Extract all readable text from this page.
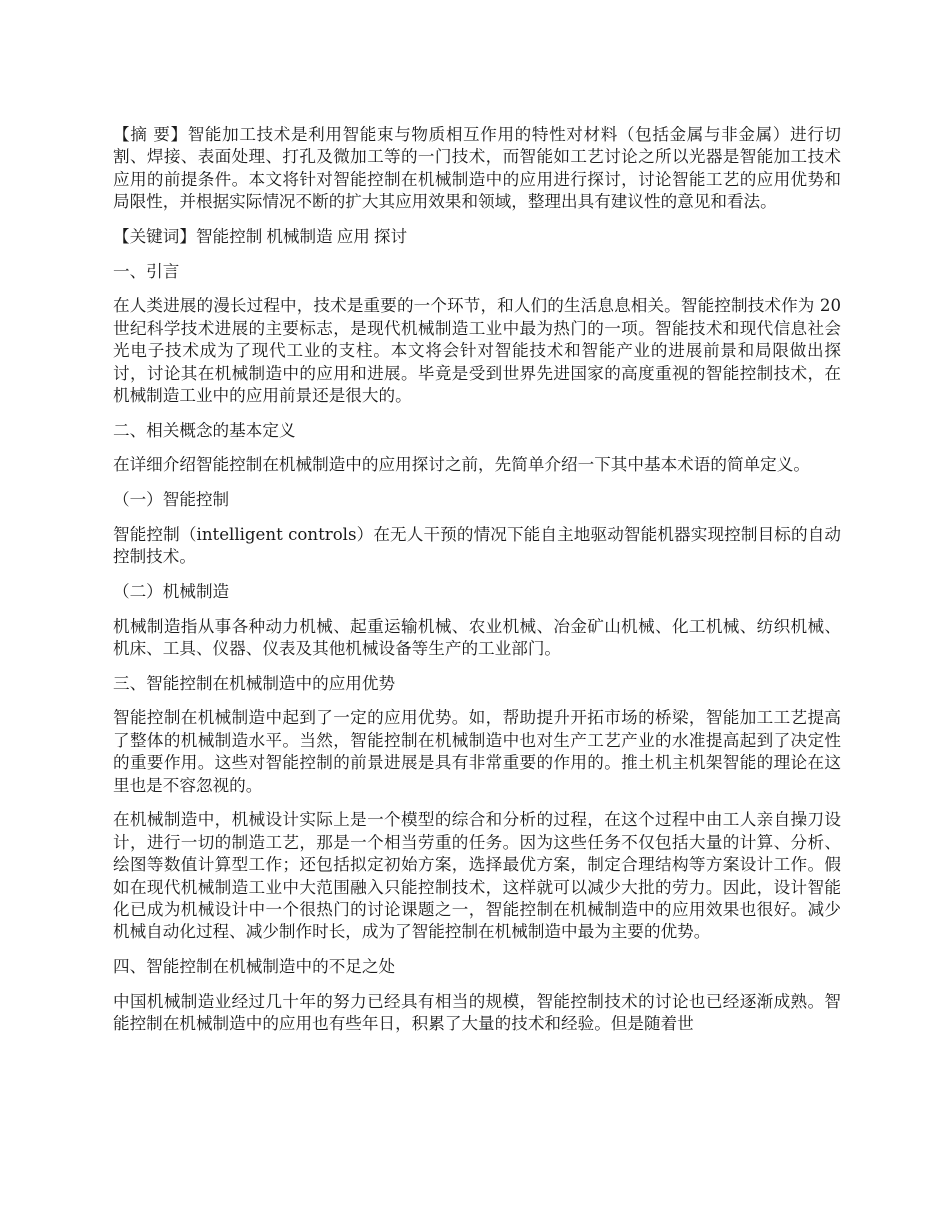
【摘 要】智能加工技术是利用智能束与物质相互作用的特性对材料（包括金属与非金属）进行切割、焊接、表面处理、打孔及微加工等的一门技术，而智能如工艺讨论之所以光器是智能加工技术应用的前提条件。本文将针对智能控制在机械制造中的应用进行探讨，讨论智能工艺的应用优势和局限性，并根据实际情况不断的扩大其应用效果和领域，整理出具有建议性的意见和看法。

【关键词】智能控制 机械制造 应用 探讨

一、引言

在人类进展的漫长过程中，技术是重要的一个环节，和人们的生活息息相关。智能控制技术作为 20 世纪科学技术进展的主要标志，是现代机械制造工业中最为热门的一项。智能技术和现代信息社会光电子技术成为了现代工业的支柱。本文将会针对智能技术和智能产业的进展前景和局限做出探讨，讨论其在机械制造中的应用和进展。毕竟是受到世界先进国家的高度重视的智能控制技术，在机械制造工业中的应用前景还是很大的。

二、相关概念的基本定义

在详细介绍智能控制在机械制造中的应用探讨之前，先简单介绍一下其中基本术语的简单定义。

（一）智能控制

智能控制（intelligent controls）在无人干预的情况下能自主地驱动智能机器实现控制目标的自动控制技术。

（二）机械制造

机械制造指从事各种动力机械、起重运输机械、农业机械、冶金矿山机械、化工机械、纺织机械、机床、工具、仪器、仪表及其他机械设备等生产的工业部门。

三、智能控制在机械制造中的应用优势

智能控制在机械制造中起到了一定的应用优势。如，帮助提升开拓市场的桥梁，智能加工工艺提高了整体的机械制造水平。当然，智能控制在机械制造中也对生产工艺产业的水准提高起到了决定性的重要作用。这些对智能控制的前景进展是具有非常重要的作用的。推土机主机架智能的理论在这里也是不容忽视的。

在机械制造中，机械设计实际上是一个模型的综合和分析的过程，在这个过程中由工人亲自操刀设计，进行一切的制造工艺，那是一个相当劳重的任务。因为这些任务不仅包括大量的计算、分析、绘图等数值计算型工作；还包括拟定初始方案，选择最优方案，制定合理结构等方案设计工作。假如在现代机械制造工业中大范围融入只能控制技术，这样就可以减少大批的劳力。因此，设计智能化已成为机械设计中一个很热门的讨论课题之一，智能控制在机械制造中的应用效果也很好。减少机械自动化过程、减少制作时长，成为了智能控制在机械制造中最为主要的优势。

四、智能控制在机械制造中的不足之处

中国机械制造业经过几十年的努力已经具有相当的规模，智能控制技术的讨论也已经逐渐成熟。智能控制在机械制造中的应用也有些年日，积累了大量的技术和经验。但是随着世
